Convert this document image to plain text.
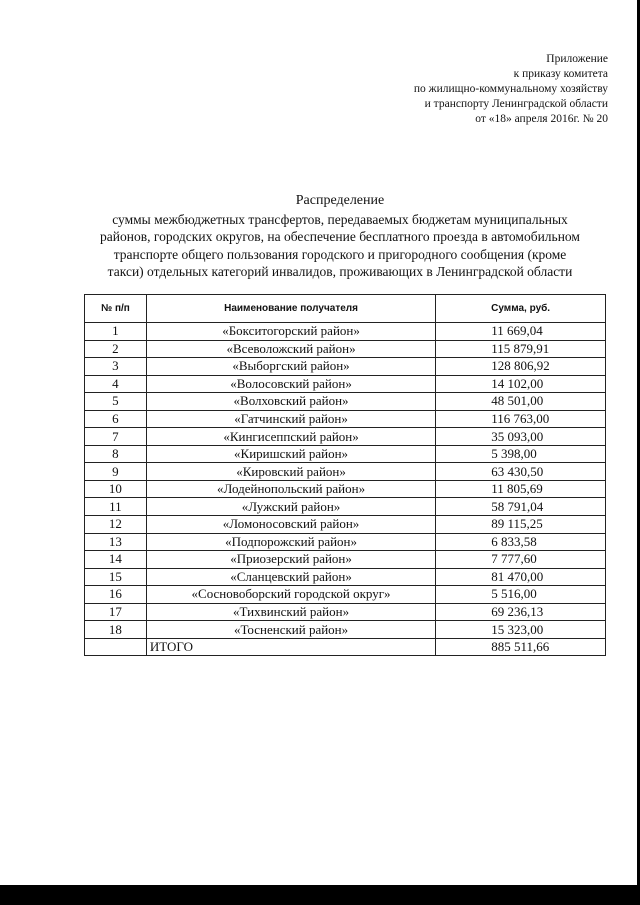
Приложение
к приказу комитета
по жилищно-коммунальному хозяйству
и транспорту Ленинградской области
от «18» апреля 2016г. № 20
Распределение
суммы межбюджетных трансфертов, передаваемых бюджетам муниципальных
районов, городских округов, на обеспечение бесплатного проезда в автомобильном
транспорте общего пользования городского и пригородного сообщения (кроме
такси) отдельных категорий инвалидов, проживающих в Ленинградской области
№ п/п	Наименование получателя	Сумма, руб.
1	«Бокситогорский район»	11 669,04
2	«Всеволожский район»	115 879,91
3	«Выборгский район»	128 806,92
4	«Волосовский район»	14 102,00
5	«Волховский район»	48 501,00
6	«Гатчинский район»	116 763,00
7	«Кингисеппский район»	35 093,00
8	«Киришский район»	5 398,00
9	«Кировский район»	63 430,50
10	«Лодейнопольский район»	11 805,69
11	«Лужский район»	58 791,04
12	«Ломоносовский район»	89 115,25
13	«Подпорожский район»	6 833,58
14	«Приозерский район»	7 777,60
15	«Сланцевский район»	81 470,00
16	«Сосновоборский городской округ»	5 516,00
17	«Тихвинский район»	69 236,13
18	«Тосненский район»	15 323,00
	ИТОГО	885 511,66
